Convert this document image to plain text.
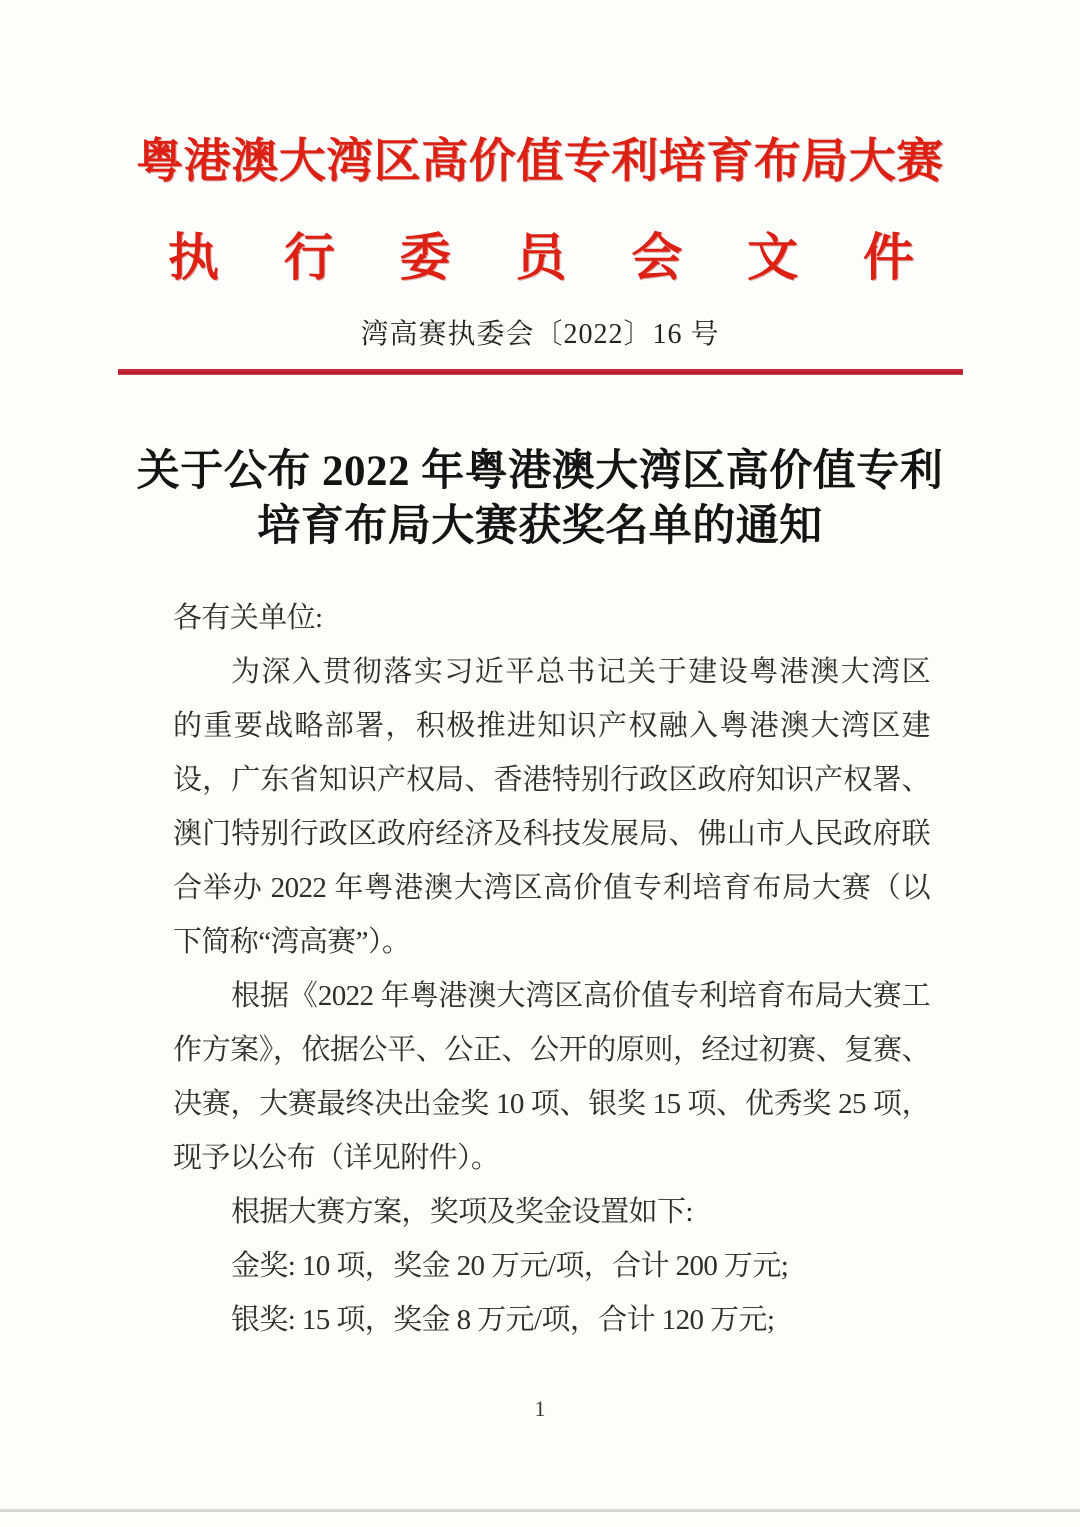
粤港澳大湾区高价值专利培育布局大赛
执行委员会文件
湾高赛执委会〔2022〕16 号
关于公布 2022 年粤港澳大湾区高价值专利
培育布局大赛获奖名单的通知
各有关单位:
为深入贯彻落实习近平总书记关于建设粤港澳大湾区
的重要战略部署，积极推进知识产权融入粤港澳大湾区建
设，广东省知识产权局、香港特别行政区政府知识产权署、
澳门特别行政区政府经济及科技发展局、佛山市人民政府联
合举办 2022 年粤港澳大湾区高价值专利培育布局大赛（以
下简称“湾高赛”）。
根据《2022 年粤港澳大湾区高价值专利培育布局大赛工
作方案》，依据公平、公正、公开的原则，经过初赛、复赛、
决赛，大赛最终决出金奖 10 项、银奖 15 项、优秀奖 25 项，
现予以公布（详见附件）。
根据大赛方案，奖项及奖金设置如下:
金奖: 10 项，奖金 20 万元/项，合计 200 万元;
银奖: 15 项，奖金 8 万元/项，合计 120 万元;
1
